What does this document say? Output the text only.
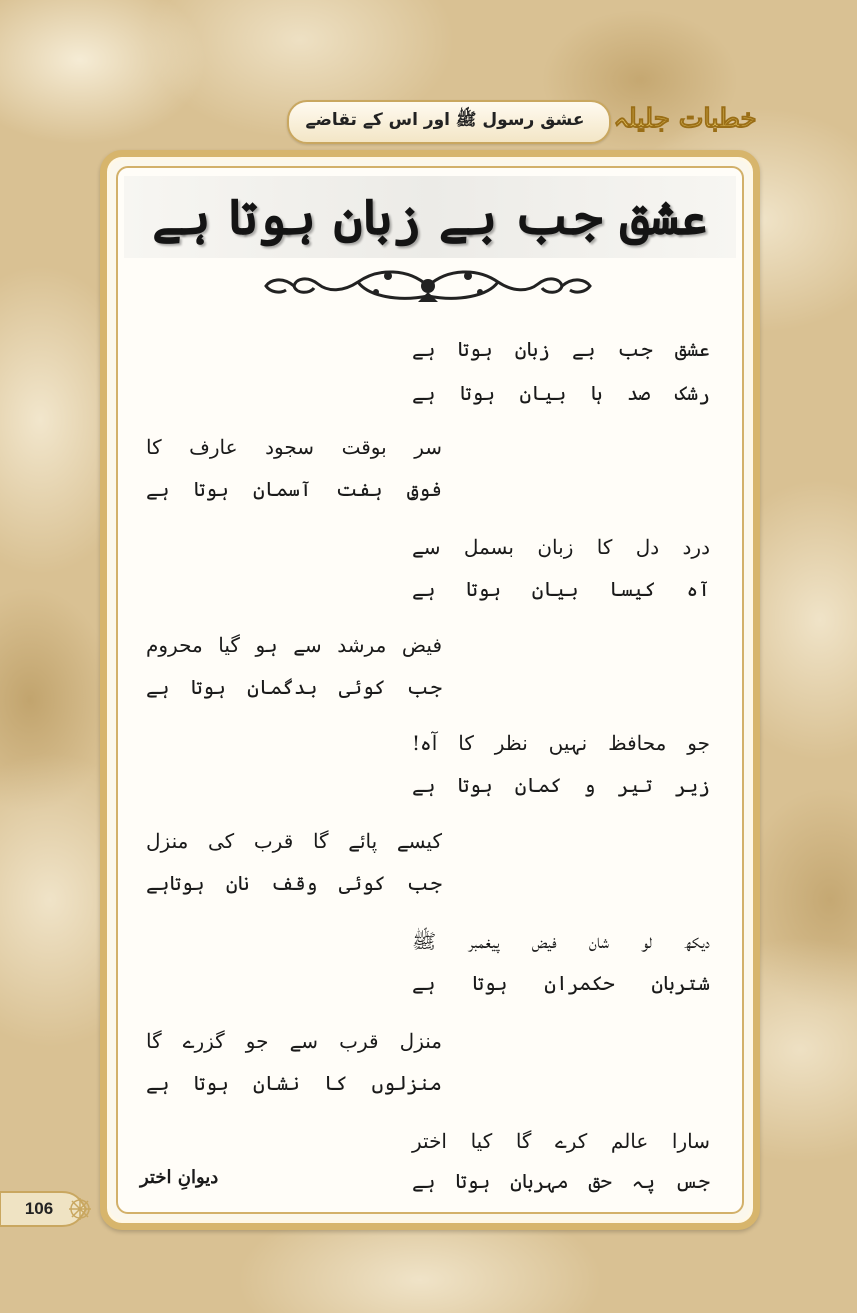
عشق رسول ﷺ اور اس کے تقاضے	خطبات جلیلہ
عشق جب بے زبان ہوتا ہے
عشق جب بے زبان ہوتا ہے
رشک صد ہا بیان ہوتا ہے
سر بوقت سجود عارف کا
فوقِ ہفت آسمان ہوتا ہے
درد دل کا زبان بسمل سے
آہ کیسا بیان ہوتا ہے
فیض مرشد سے ہو گیا محروم
جب کوئی بدگمان ہوتا ہے
جو محافظ نہیں نظر کا آہ!
زیر تیر و کمان ہوتا ہے
کیسے پائے گا قرب کی منزل
جب کوئی وقف نان ہوتاہے
دیکھ لو شان فیض پیغمبر ﷺ
شتربان حکمران ہوتا ہے
منزل قرب سے جو گزرے گا
منزلوں کا نشان ہوتا ہے
سارا عالم کرے گا کیا اختر
جس پہ حق مہربان ہوتا ہے
دیوانِ اختر
106
